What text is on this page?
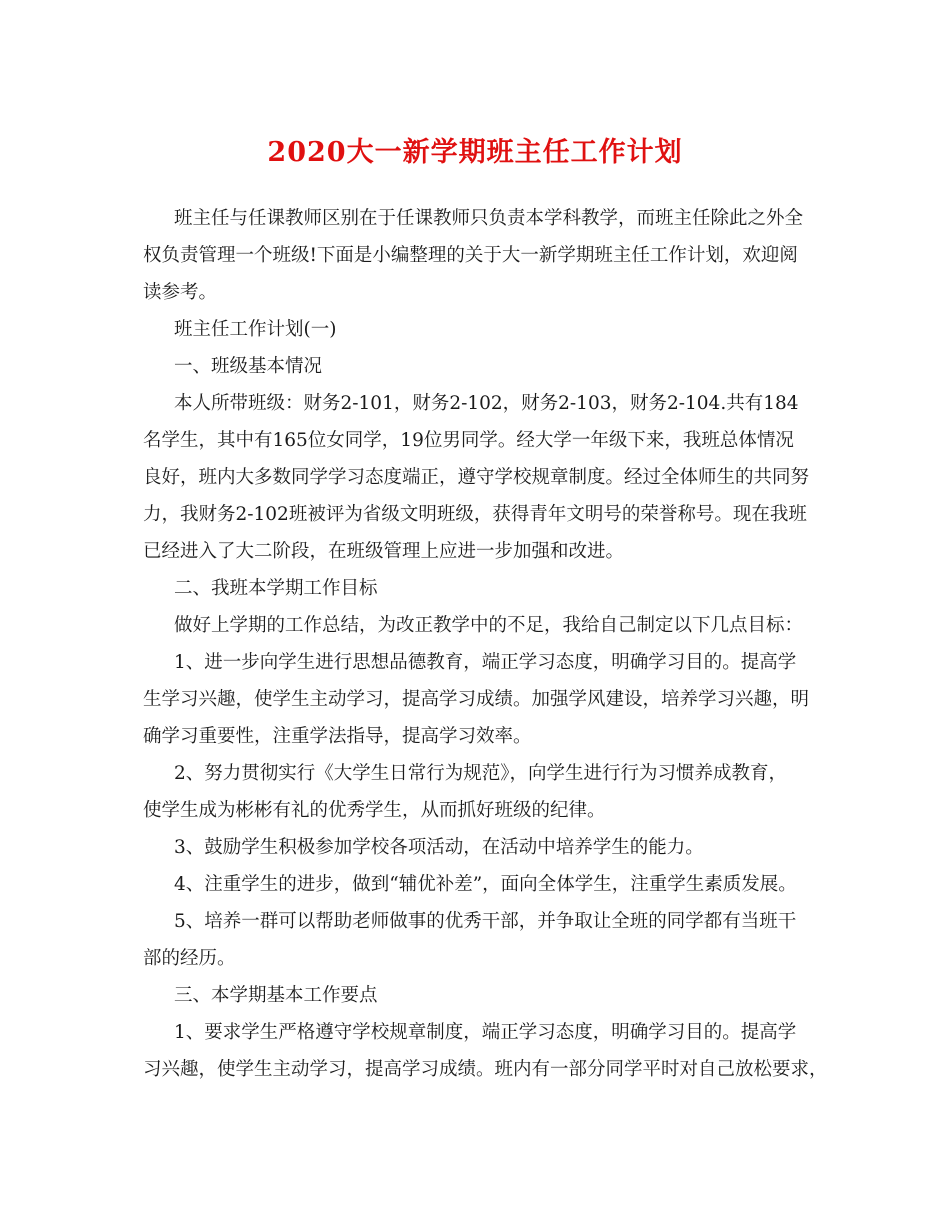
2020大一新学期班主任工作计划
班主任与任课教师区别在于任课教师只负责本学科教学，而班主任除此之外全
权负责管理一个班级!下面是小编整理的关于大一新学期班主任工作计划，欢迎阅
读参考。
班主任工作计划(一)
一、班级基本情况
本人所带班级：财务2-101，财务2-102，财务2-103，财务2-104.共有184
名学生，其中有165位女同学，19位男同学。经大学一年级下来，我班总体情况
良好，班内大多数同学学习态度端正，遵守学校规章制度。经过全体师生的共同努
力，我财务2-102班被评为省级文明班级，获得青年文明号的荣誉称号。现在我班
已经进入了大二阶段，在班级管理上应进一步加强和改进。
二、我班本学期工作目标
做好上学期的工作总结，为改正教学中的不足，我给自己制定以下几点目标：
1、进一步向学生进行思想品德教育，端正学习态度，明确学习目的。提高学
生学习兴趣，使学生主动学习，提高学习成绩。加强学风建设，培养学习兴趣，明
确学习重要性，注重学法指导，提高学习效率。
2、努力贯彻实行《大学生日常行为规范》，向学生进行行为习惯养成教育，
使学生成为彬彬有礼的优秀学生，从而抓好班级的纪律。
3、鼓励学生积极参加学校各项活动，在活动中培养学生的能力。
4、注重学生的进步，做到“辅优补差”，面向全体学生，注重学生素质发展。
5、培养一群可以帮助老师做事的优秀干部，并争取让全班的同学都有当班干
部的经历。
三、本学期基本工作要点
1、要求学生严格遵守学校规章制度，端正学习态度，明确学习目的。提高学
习兴趣，使学生主动学习，提高学习成绩。班内有一部分同学平时对自己放松要求，
